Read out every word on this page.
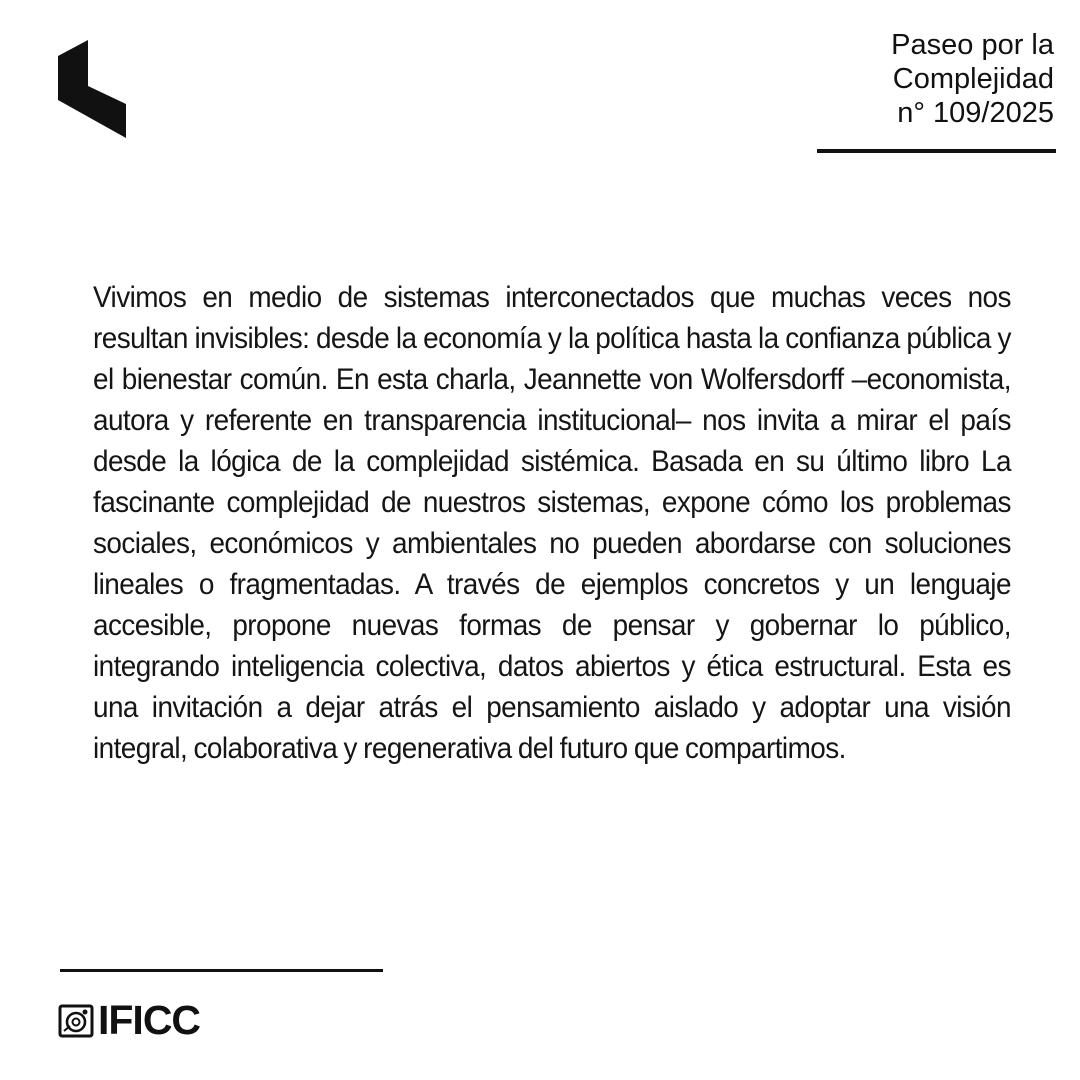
Paseo por la
Complejidad
n° 109/2025

Vivimos en medio de sistemas interconectados que muchas veces nos resultan invisibles: desde la economía y la política hasta la confianza pública y el bienestar común. En esta charla, Jeannette von Wolfersdorff –economista, autora y referente en transparencia institucional– nos invita a mirar el país desde la lógica de la complejidad sistémica. Basada en su último libro La fascinante complejidad de nuestros sistemas, expone cómo los problemas sociales, económicos y ambientales no pueden abordarse con soluciones lineales o fragmentadas. A través de ejemplos concretos y un lenguaje accesible, propone nuevas formas de pensar y gobernar lo público, integrando inteligencia colectiva, datos abiertos y ética estructural. Esta es una invitación a dejar atrás el pensamiento aislado y adoptar una visión integral, colaborativa y regenerativa del futuro que compartimos.

IFICC
